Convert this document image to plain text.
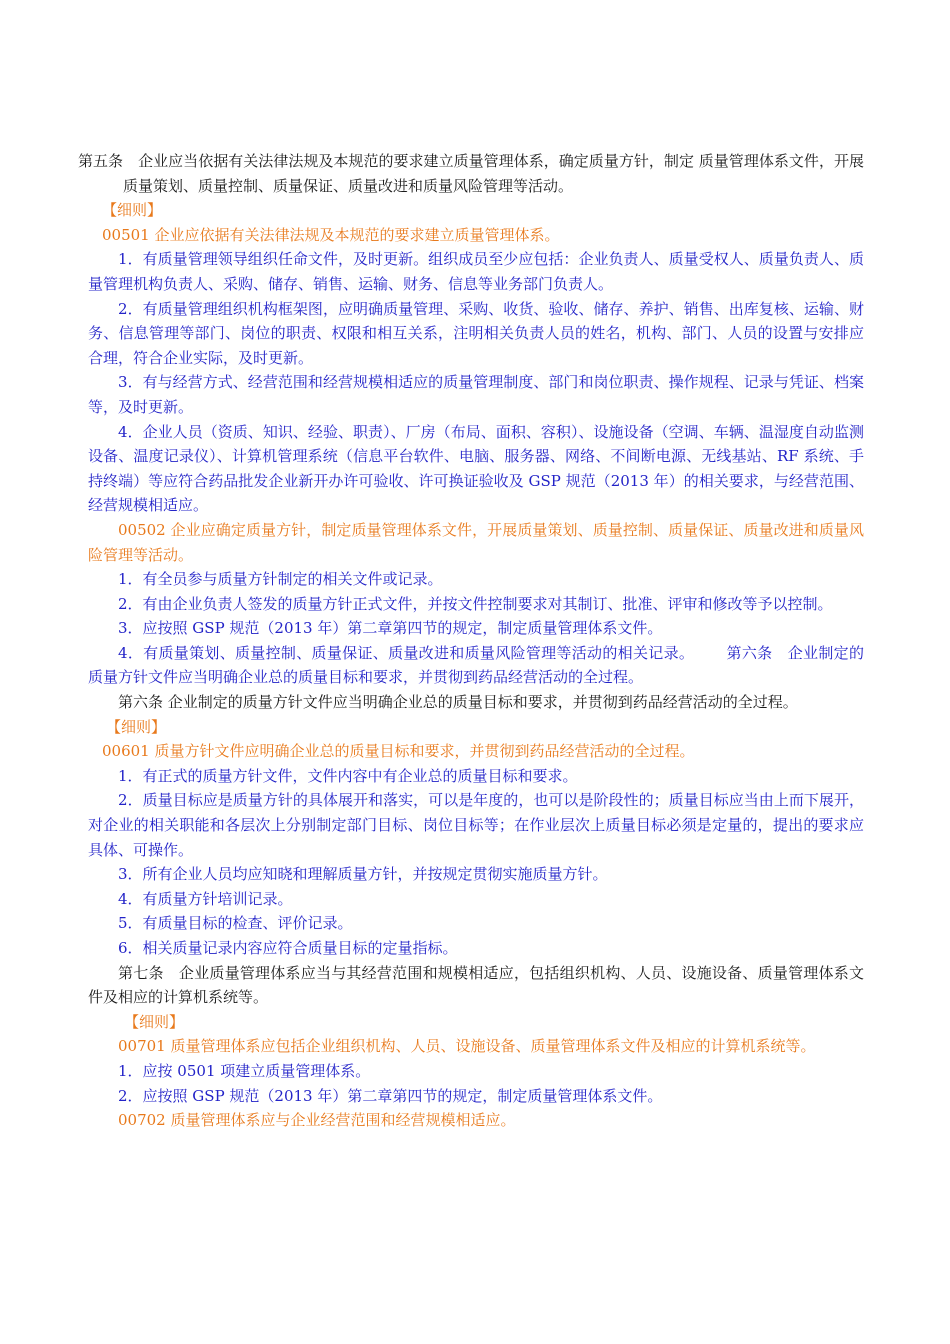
第五条　企业应当依据有关法律法规及本规范的要求建立质量管理体系，确定质量方针，制定 质量管理体系文件，开展质量策划、质量控制、质量保证、质量改进和质量风险管理等活动。

【细则】

00501 企业应依据有关法律法规及本规范的要求建立质量管理体系。

1．有质量管理领导组织任命文件，及时更新。组织成员至少应包括：企业负责人、质量受权人、质量负责人、质量管理机构负责人、采购、储存、销售、运输、财务、信息等业务部门负责人。

2．有质量管理组织机构框架图，应明确质量管理、采购、收货、验收、储存、养护、销售、出库复核、运输、财务、信息管理等部门、岗位的职责、权限和相互关系，注明相关负责人员的姓名，机构、部门、人员的设置与安排应合理，符合企业实际，及时更新。

3．有与经营方式、经营范围和经营规模相适应的质量管理制度、部门和岗位职责、操作规程、记录与凭证、档案等，及时更新。

4．企业人员（资质、知识、经验、职责）、厂房（布局、面积、容积）、设施设备（空调、车辆、温湿度自动监测设备、温度记录仪）、计算机管理系统（信息平台软件、电脑、服务器、网络、不间断电源、无线基站、RF 系统、手持终端）等应符合药品批发企业新开办许可验收、许可换证验收及 GSP 规范（2013 年）的相关要求，与经营范围、经营规模相适应。

00502 企业应确定质量方针，制定质量管理体系文件，开展质量策划、质量控制、质量保证、质量改进和质量风险管理等活动。

1．有全员参与质量方针制定的相关文件或记录。

2．有由企业负责人签发的质量方针正式文件，并按文件控制要求对其制订、批准、评审和修改等予以控制。

3．应按照 GSP 规范（2013 年）第二章第四节的规定，制定质量管理体系文件。

4．有质量策划、质量控制、质量保证、质量改进和质量风险管理等活动的相关记录。 第六条　企业制定的质量方针文件应当明确企业总的质量目标和要求，并贯彻到药品经营活动的全过程。

第六条 企业制定的质量方针文件应当明确企业总的质量目标和要求，并贯彻到药品经营活动的全过程。

【细则】

00601 质量方针文件应明确企业总的质量目标和要求，并贯彻到药品经营活动的全过程。

1．有正式的质量方针文件，文件内容中有企业总的质量目标和要求。

2．质量目标应是质量方针的具体展开和落实，可以是年度的，也可以是阶段性的；质量目标应当由上而下展开，对企业的相关职能和各层次上分别制定部门目标、岗位目标等；在作业层次上质量目标必须是定量的，提出的要求应具体、可操作。

3．所有企业人员均应知晓和理解质量方针，并按规定贯彻实施质量方针。

4．有质量方针培训记录。

5．有质量目标的检查、评价记录。

6．相关质量记录内容应符合质量目标的定量指标。

第七条　企业质量管理体系应当与其经营范围和规模相适应，包括组织机构、人员、设施设备、质量管理体系文件及相应的计算机系统等。

【细则】

00701 质量管理体系应包括企业组织机构、人员、设施设备、质量管理体系文件及相应的计算机系统等。

1．应按 0501 项建立质量管理体系。

2．应按照 GSP 规范（2013 年）第二章第四节的规定，制定质量管理体系文件。

00702 质量管理体系应与企业经营范围和经营规模相适应。
